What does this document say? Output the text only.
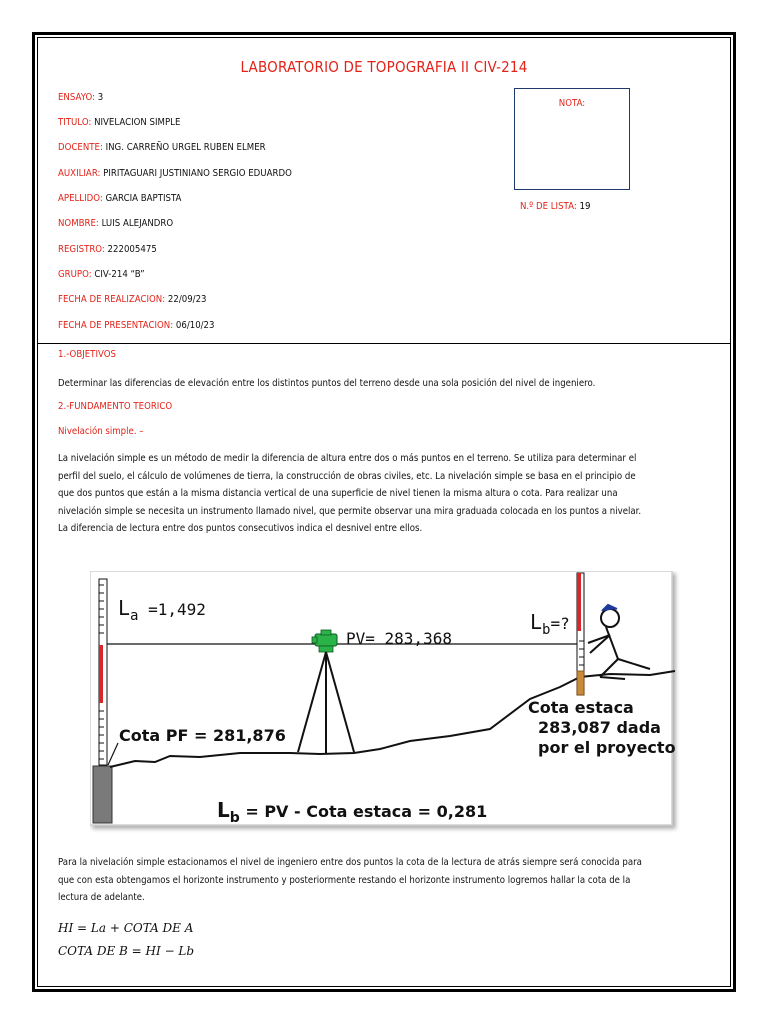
LABORATORIO DE TOPOGRAFIA II CIV-214
ENSAYO: 3
TITULO: NIVELACION SIMPLE
DOCENTE: ING. CARREÑO URGEL RUBEN ELMER
AUXILIAR: PIRITAGUARI JUSTINIANO SERGIO EDUARDO
APELLIDO: GARCIA BAPTISTA
NOMBRE: LUIS ALEJANDRO
REGISTRO: 222005475
GRUPO: CIV-214 “B”
FECHA DE REALIZACION: 22/09/23
FECHA DE PRESENTACION: 06/10/23
NOTA:
N.º DE LISTA: 19
1.-OBJETIVOS
Determinar las diferencias de elevación entre los distintos puntos del terreno desde una sola posición del nivel de ingeniero.
2.-FUNDAMENTO TEORICO
Nivelación simple. –
La nivelación simple es un método de medir la diferencia de altura entre dos o más puntos en el terreno. Se utiliza para determinar el
perfil del suelo, el cálculo de volúmenes de tierra, la construcción de obras civiles, etc. La nivelación simple se basa en el principio de
que dos puntos que están a la misma distancia vertical de una superficie de nivel tienen la misma altura o cota. Para realizar una
nivelación simple se necesita un instrumento llamado nivel, que permite observar una mira graduada colocada en los puntos a nivelar.
La diferencia de lectura entre dos puntos consecutivos indica el desnivel entre ellos.
$L_a$ $^{=1,492}$
PV= 283,368
$L_b^{=?}$
Cota PF = 281,876
Cota estaca
283,087 dada
por el proyecto
Lb = PV - Cota estaca = 0,281
Para la nivelación simple estacionamos el nivel de ingeniero entre dos puntos la cota de la lectura de atrás siempre será conocida para
que con esta obtengamos el horizonte instrumento y posteriormente restando el horizonte instrumento logremos hallar la cota de la
lectura de adelante.
HI = La + COTA DE A
COTA DE B = HI − Lb
